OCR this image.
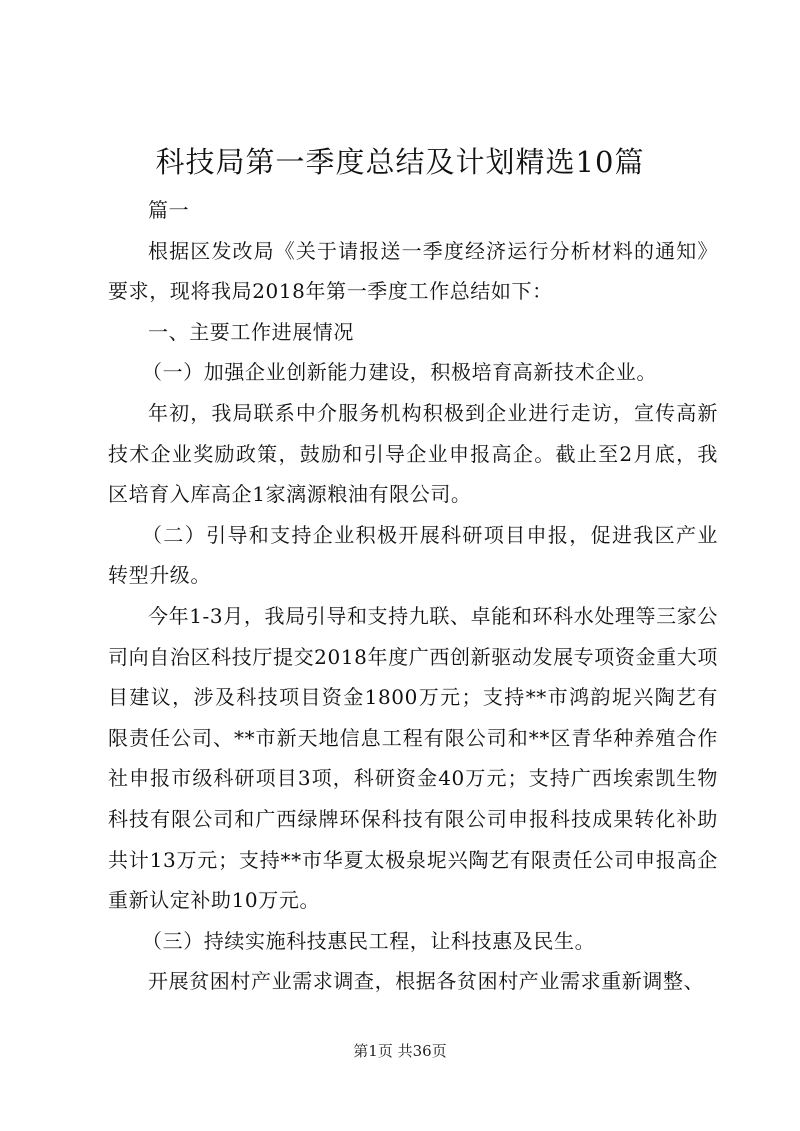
科技局第一季度总结及计划精选10篇

篇一

根据区发改局《关于请报送一季度经济运行分析材料的通知》要求，现将我局2018年第一季度工作总结如下：

一、主要工作进展情况

（一）加强企业创新能力建设，积极培育高新技术企业。

年初，我局联系中介服务机构积极到企业进行走访，宣传高新技术企业奖励政策，鼓励和引导企业申报高企。截止至2月底，我区培育入库高企1家漓源粮油有限公司。

（二）引导和支持企业积极开展科研项目申报，促进我区产业转型升级。

今年1-3月，我局引导和支持九联、卓能和环科水处理等三家公司向自治区科技厅提交2018年度广西创新驱动发展专项资金重大项目建议，涉及科技项目资金1800万元；支持**市鸿韵坭兴陶艺有限责任公司、**市新天地信息工程有限公司和**区青华种养殖合作社申报市级科研项目3项，科研资金40万元；支持广西埃索凯生物科技有限公司和广西绿牌环保科技有限公司申报科技成果转化补助共计13万元；支持**市华夏太极泉坭兴陶艺有限责任公司申报高企重新认定补助10万元。

（三）持续实施科技惠民工程，让科技惠及民生。

开展贫困村产业需求调查，根据各贫困村产业需求重新调整、

第1页 共36页
